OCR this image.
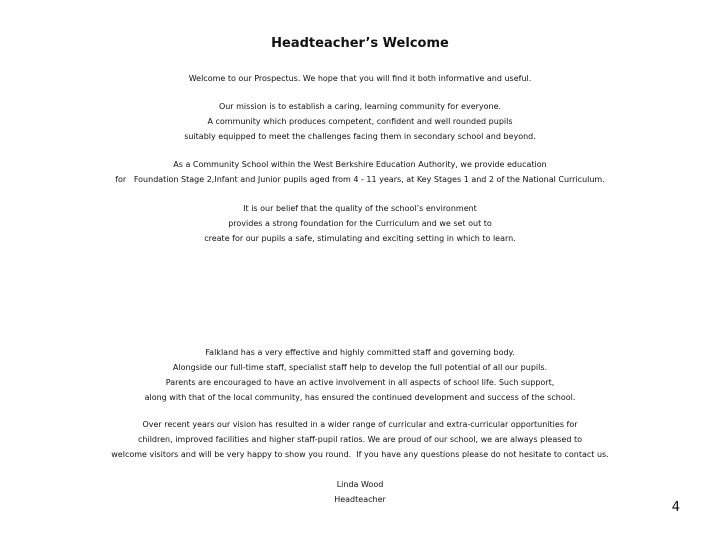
Headteacher’s Welcome
Welcome to our Prospectus. We hope that you will find it both informative and useful.
Our mission is to establish a caring, learning community for everyone.
A community which produces competent, confident and well rounded pupils
suitably equipped to meet the challenges facing them in secondary school and beyond.
As a Community School within the West Berkshire Education Authority, we provide education
for   Foundation Stage 2,Infant and Junior pupils aged from 4 - 11 years, at Key Stages 1 and 2 of the National Curriculum.
It is our belief that the quality of the school’s environment
provides a strong foundation for the Curriculum and we set out to
create for our pupils a safe, stimulating and exciting setting in which to learn.
Falkland has a very effective and highly committed staff and governing body.
Alongside our full-time staff, specialist staff help to develop the full potential of all our pupils.
Parents are encouraged to have an active involvement in all aspects of school life. Such support,
along with that of the local community, has ensured the continued development and success of the school.
Over recent years our vision has resulted in a wider range of curricular and extra-curricular opportunities for
children, improved facilities and higher staff-pupil ratios. We are proud of our school, we are always pleased to
welcome visitors and will be very happy to show you round.  If you have any questions please do not hesitate to contact us.
Linda Wood
Headteacher
4
